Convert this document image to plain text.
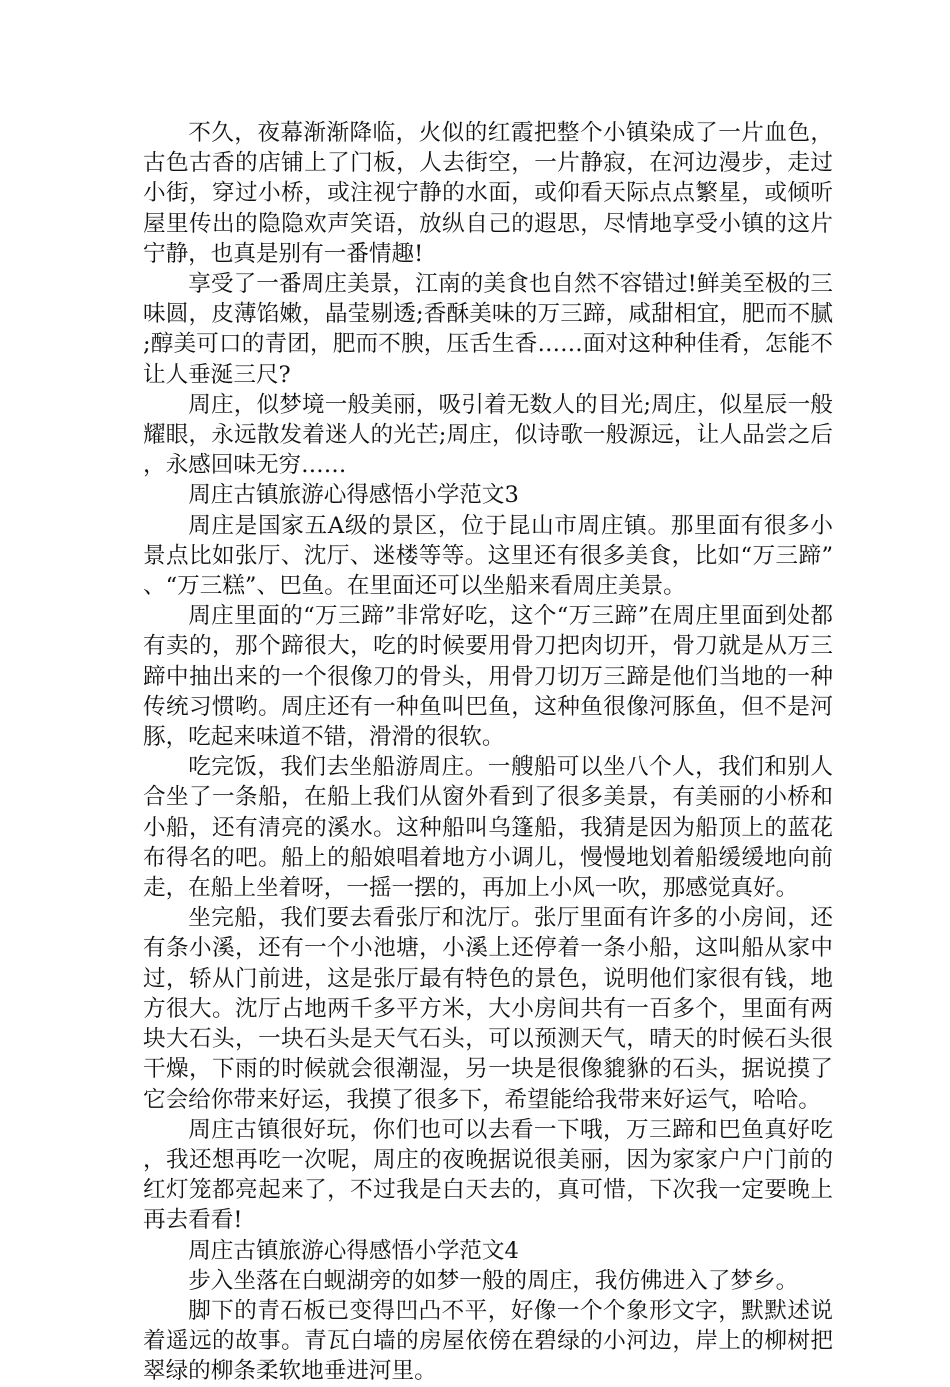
不久，夜幕渐渐降临，火似的红霞把整个小镇染成了一片血色，古色古香的店铺上了门板，人去街空，一片静寂，在河边漫步，走过小街，穿过小桥，或注视宁静的水面，或仰看天际点点繁星，或倾听屋里传出的隐隐欢声笑语，放纵自己的遐思，尽情地享受小镇的这片宁静，也真是别有一番情趣!

享受了一番周庄美景，江南的美食也自然不容错过!鲜美至极的三味圆，皮薄馅嫩，晶莹剔透;香酥美味的万三蹄，咸甜相宜，肥而不腻;醇美可口的青团，肥而不腴，压舌生香……面对这种种佳肴，怎能不让人垂涎三尺?

周庄，似梦境一般美丽，吸引着无数人的目光;周庄，似星辰一般耀眼，永远散发着迷人的光芒;周庄，似诗歌一般源远，让人品尝之后，永感回味无穷……

周庄古镇旅游心得感悟小学范文3

周庄是国家五A级的景区，位于昆山市周庄镇。那里面有很多小景点比如张厅、沈厅、迷楼等等。这里还有很多美食，比如“万三蹄”、“万三糕”、巴鱼。在里面还可以坐船来看周庄美景。

周庄里面的“万三蹄”非常好吃，这个“万三蹄”在周庄里面到处都有卖的，那个蹄很大，吃的时候要用骨刀把肉切开，骨刀就是从万三蹄中抽出来的一个很像刀的骨头，用骨刀切万三蹄是他们当地的一种传统习惯哟。周庄还有一种鱼叫巴鱼，这种鱼很像河豚鱼，但不是河豚，吃起来味道不错，滑滑的很软。

吃完饭，我们去坐船游周庄。一艘船可以坐八个人，我们和别人合坐了一条船，在船上我们从窗外看到了很多美景，有美丽的小桥和小船，还有清亮的溪水。这种船叫乌篷船，我猜是因为船顶上的蓝花布得名的吧。船上的船娘唱着地方小调儿，慢慢地划着船缓缓地向前走，在船上坐着呀，一摇一摆的，再加上小风一吹，那感觉真好。

坐完船，我们要去看张厅和沈厅。张厅里面有许多的小房间，还有条小溪，还有一个小池塘，小溪上还停着一条小船，这叫船从家中过，轿从门前进，这是张厅最有特色的景色，说明他们家很有钱，地方很大。沈厅占地两千多平方米，大小房间共有一百多个，里面有两块大石头，一块石头是天气石头，可以预测天气，晴天的时候石头很干燥，下雨的时候就会很潮湿，另一块是很像貔貅的石头，据说摸了它会给你带来好运，我摸了很多下，希望能给我带来好运气，哈哈。

周庄古镇很好玩，你们也可以去看一下哦，万三蹄和巴鱼真好吃，我还想再吃一次呢，周庄的夜晚据说很美丽，因为家家户户门前的红灯笼都亮起来了，不过我是白天去的，真可惜，下次我一定要晚上再去看看!

周庄古镇旅游心得感悟小学范文4

步入坐落在白蚬湖旁的如梦一般的周庄，我仿佛进入了梦乡。

脚下的青石板已变得凹凸不平，好像一个个象形文字，默默述说着遥远的故事。青瓦白墙的房屋依傍在碧绿的小河边，岸上的柳树把翠绿的柳条柔软地垂进河里。
